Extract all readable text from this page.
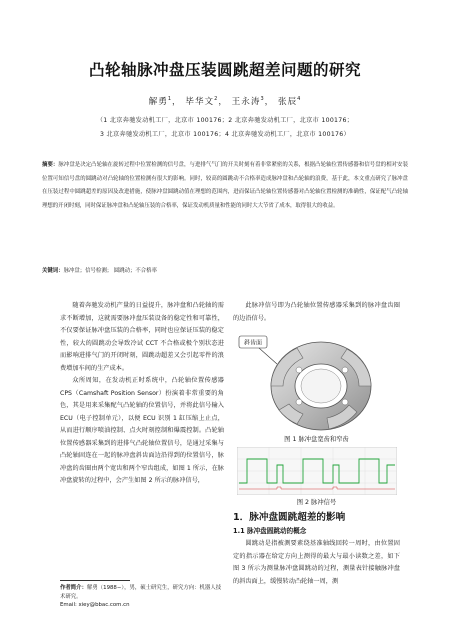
凸轮轴脉冲盘压装圆跳超差问题的研究
解勇$^1$， 毕华文$^2$， 王永涛$^3$， 张辰$^4$
（1 北京奔驰发动机工厂，北京市 100176；2 北京奔驰发动机工厂，北京市 100176；
3 北京奔驰发动机工厂，北京市 100176；4 北京奔驰发动机工厂，北京市 100176）
摘要：脉冲盘是决定凸轮轴在旋转过程中位置检测的信号盘，与进排气气门的开关时刻有着非常紧密的关系，根据凸轮轴位置传感器和信号盘的相对安装位置可知信号盘的圆跳动对凸轮轴的位置检测有很大的影响。同时，较高的圆跳动不合格率造成脉冲盘和凸轮轴的浪费，基于此，本文重点研究了脉冲盘在压装过程中圆跳超差的原因及改进措施，使脉冲盘圆跳动值在理想的范围内，进而保证凸轮轴位置传感器对凸轮轴位置检测的准确性，保证配气凸轮轴理想的开闭时刻，同时保证脉冲盘和凸轮轴压装的合格率，保证发动机质量和性能的同时大大节省了成本，取得很大的收益。
关键词：脉冲盘；信号检测； 圆跳动；不合格率

随着奔驰发动机产量的日益提升，脉冲盘和凸轮轴的需求不断增加，这就需要脉冲盘压装设备的稳定性和可靠性，不仅要保证脉冲盘压装的合格率，同时也应保证压装的稳定性，较大的圆跳动会导致冷试 CCT 不合格或极个别状态进而影响进排气门的开闭时刻，圆跳动超差又会引起零件的浪费增加车间的生产成本。

众所周知，在发动机正时系统中，凸轮轴位置传感器 CPS（Camshaft Position Sensor）扮演着非常重要的角色，其是用来采集配气凸轮轴的位置信号，并将此信号输入 ECU（电子控制单元），以便 ECU 识别 1 缸压缩上止点，从而进行顺序喷油控制、点火时刻控制和爆震控制。凸轮轴位置传感器采集到的进排气凸轮轴位置信号，是通过采集与凸轮轴固连在一起的脉冲盘斜齿面边沿得到的位置信号，脉冲盘的齿圈由两个宽齿和两个窄齿组成，如图 1 所示，在脉冲盘旋转的过程中，会产生如图 2 所示的脉冲信号，

此脉冲信号即为凸轮轴位置传感器采集到的脉冲盘齿圈的边沿信号。

斜齿面
图 1 脉冲盘宽齿和窄齿
图 2 脉冲信号
1．脉冲盘圆跳超差的影响
1.1 脉冲盘圆跳动的概念

圆跳动是指被测要素绕基准轴线回转一周时，由位置固定的指示器在给定方向上测得的最大与最小读数之差，如下图 3 所示为测量脉冲盘圆跳动的过程，测量表针接触脉冲盘的斜齿面上，缓慢转动凸轮轴一周，测

作者简介：解勇（1988−），男，硕士研究生，研究方向：机器人技术研究。
Email: xiey@bbac.com.cn
